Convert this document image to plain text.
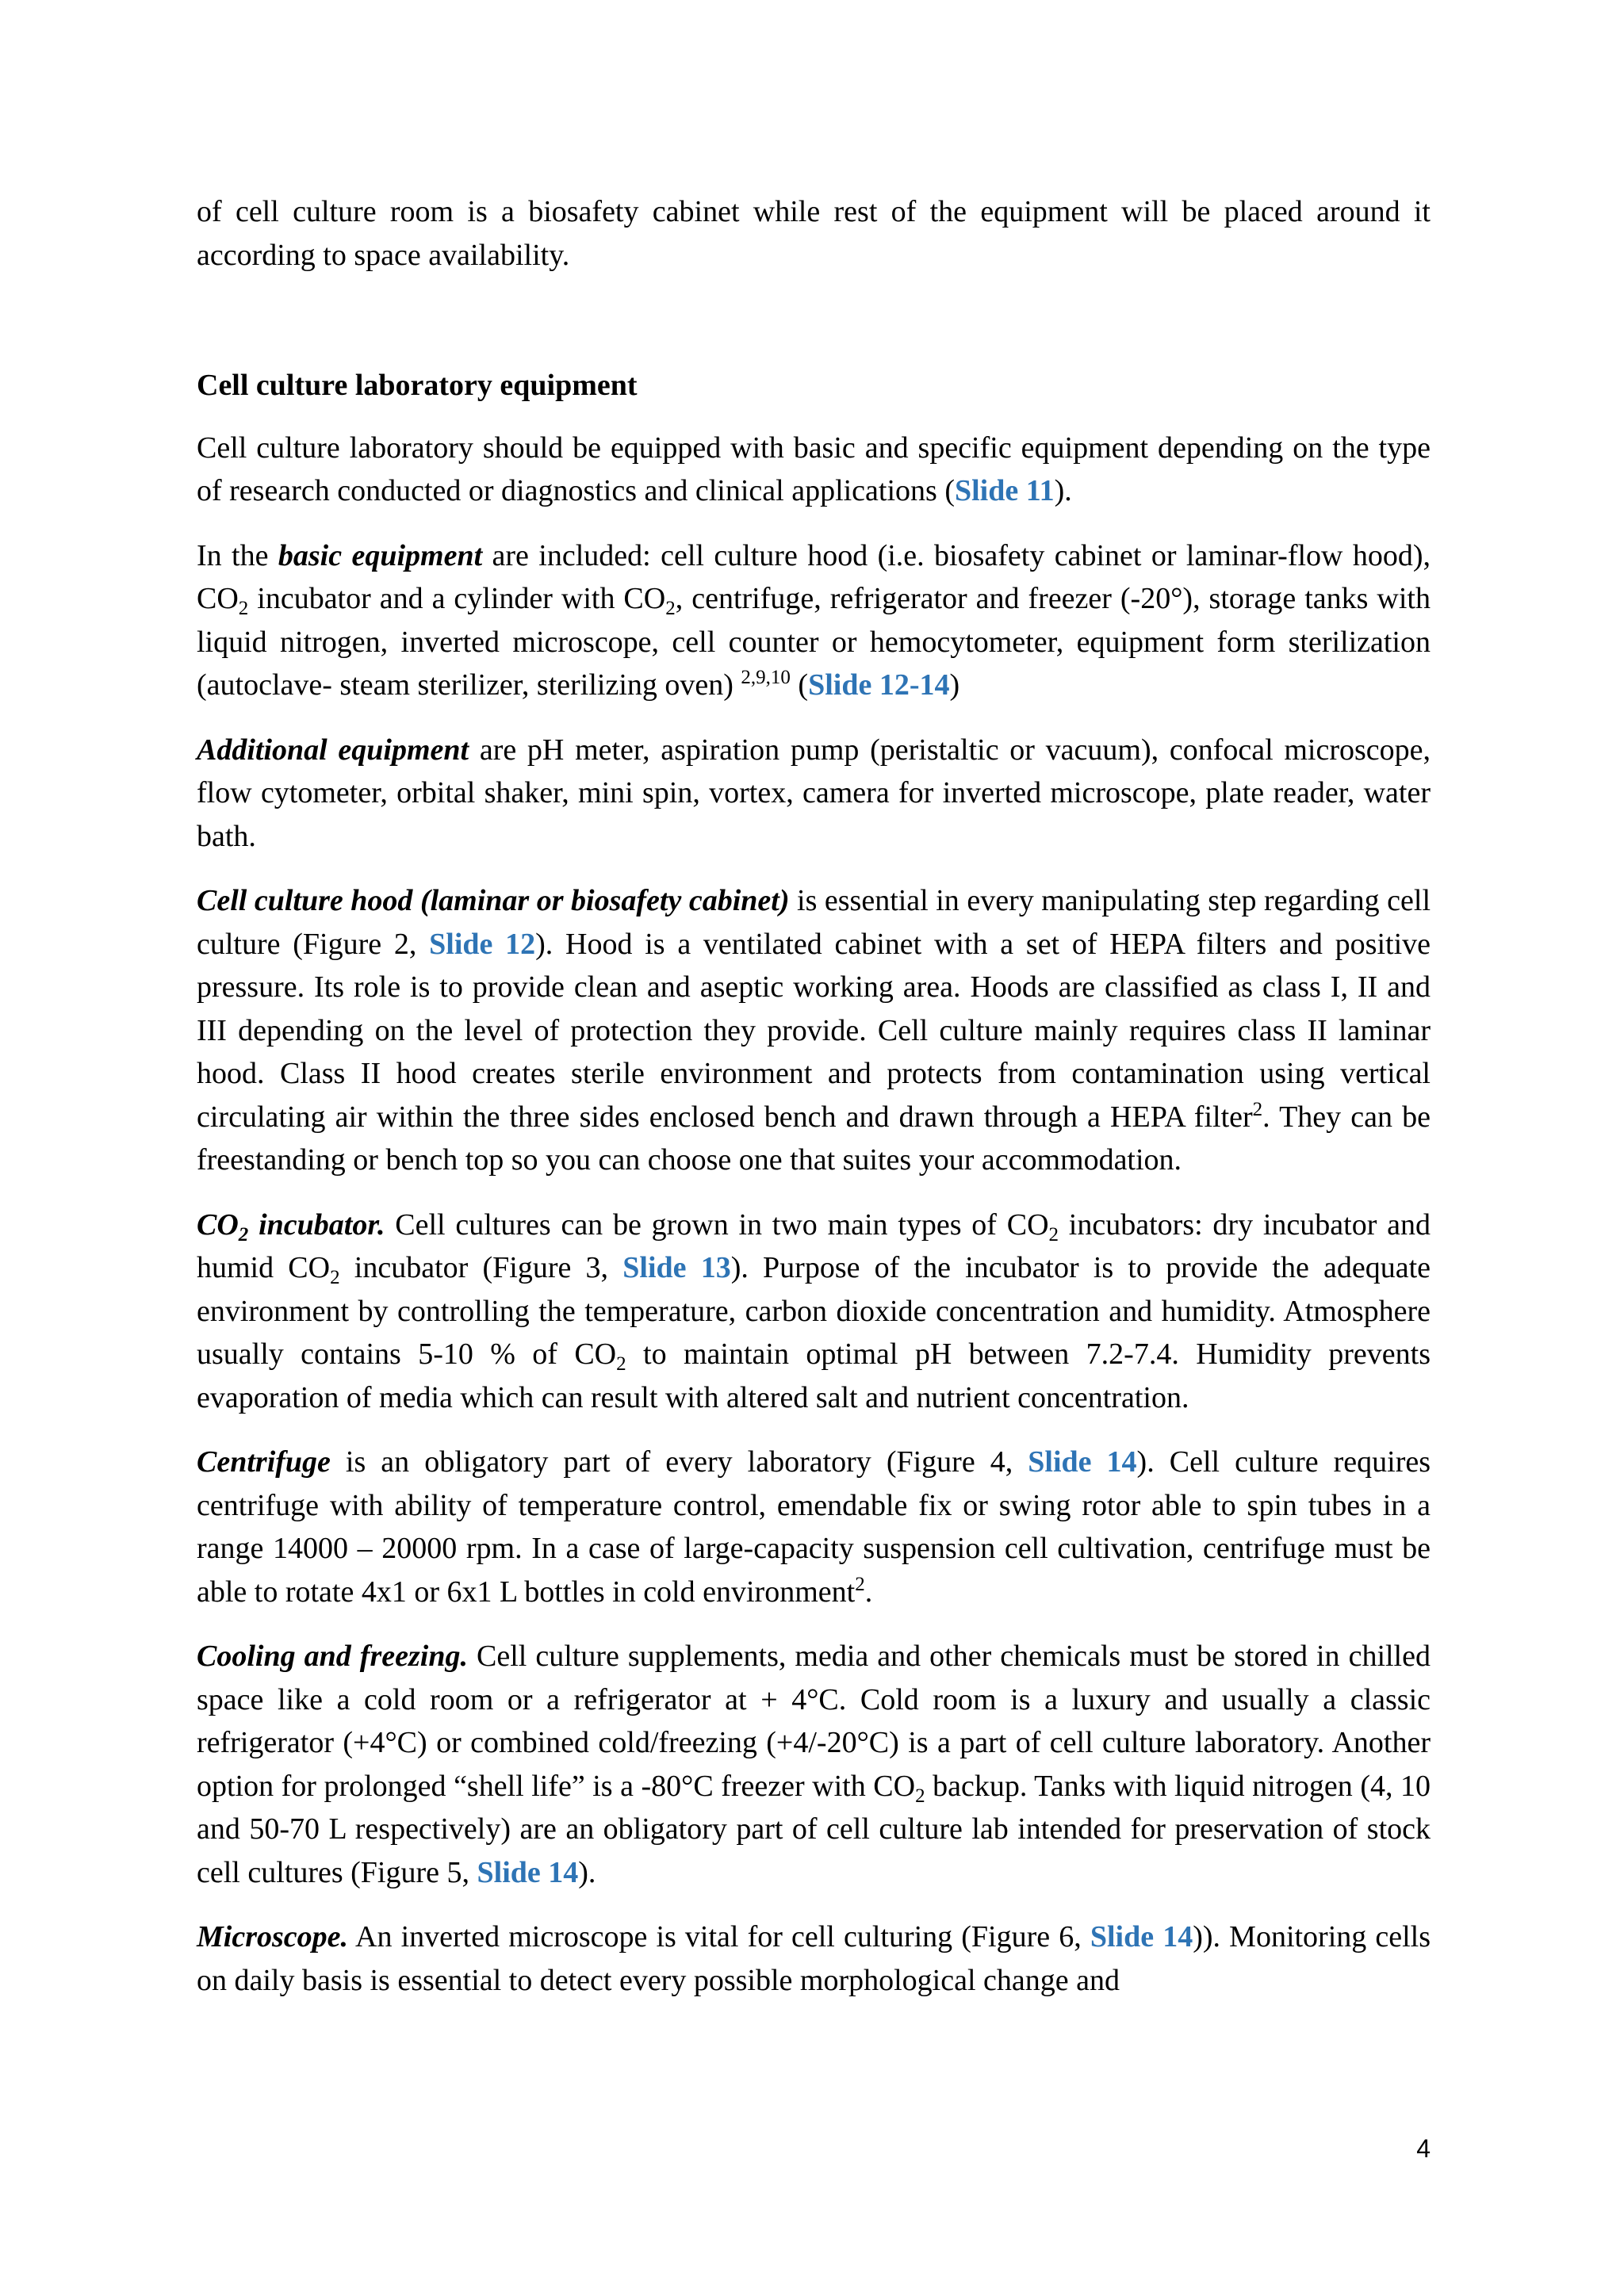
of cell culture room is a biosafety cabinet while rest of the equipment will be placed around it according to space availability.

Cell culture laboratory equipment

Cell culture laboratory should be equipped with basic and specific equipment depending on the type of research conducted or diagnostics and clinical applications (Slide 11).

In the basic equipment are included: cell culture hood (i.e. biosafety cabinet or laminar-flow hood), $CO_2$ incubator and a cylinder with $CO_2$, centrifuge, refrigerator and freezer (-20°), storage tanks with liquid nitrogen, inverted microscope, cell counter or hemocytometer, equipment form sterilization (autoclave- steam sterilizer, sterilizing oven) $^{2,9,10}$ (Slide 12-14)

Additional equipment are pH meter, aspiration pump (peristaltic or vacuum), confocal microscope, flow cytometer, orbital shaker, mini spin, vortex, camera for inverted microscope, plate reader, water bath.

Cell culture hood (laminar or biosafety cabinet) is essential in every manipulating step regarding cell culture (Figure 2, Slide 12). Hood is a ventilated cabinet with a set of HEPA filters and positive pressure. Its role is to provide clean and aseptic working area. Hoods are classified as class I, II and III depending on the level of protection they provide. Cell culture mainly requires class II laminar hood. Class II hood creates sterile environment and protects from contamination using vertical circulating air within the three sides enclosed bench and drawn through a HEPA filter$^2$. They can be freestanding or bench top so you can choose one that suites your accommodation.

$CO_2$ incubator. Cell cultures can be grown in two main types of $CO_2$ incubators: dry incubator and humid $CO_2$ incubator (Figure 3, Slide 13). Purpose of the incubator is to provide the adequate environment by controlling the temperature, carbon dioxide concentration and humidity. Atmosphere usually contains 5-10 % of $CO_2$ to maintain optimal pH between 7.2-7.4. Humidity prevents evaporation of media which can result with altered salt and nutrient concentration.

Centrifuge is an obligatory part of every laboratory (Figure 4, Slide 14). Cell culture requires centrifuge with ability of temperature control, emendable fix or swing rotor able to spin tubes in a range 14000 – 20000 rpm. In a case of large-capacity suspension cell cultivation, centrifuge must be able to rotate 4x1 or 6x1 L bottles in cold environment$^2$.

Cooling and freezing. Cell culture supplements, media and other chemicals must be stored in chilled space like a cold room or a refrigerator at + 4°C. Cold room is a luxury and usually a classic refrigerator (+4°C) or combined cold/freezing (+4/-20°C) is a part of cell culture laboratory. Another option for prolonged “shell life” is a -80°C freezer with $CO_2$ backup. Tanks with liquid nitrogen (4, 10 and 50-70 L respectively) are an obligatory part of cell culture lab intended for preservation of stock cell cultures (Figure 5, Slide 14).

Microscope. An inverted microscope is vital for cell culturing (Figure 6, Slide 14)). Monitoring cells on daily basis is essential to detect every possible morphological change and

4
